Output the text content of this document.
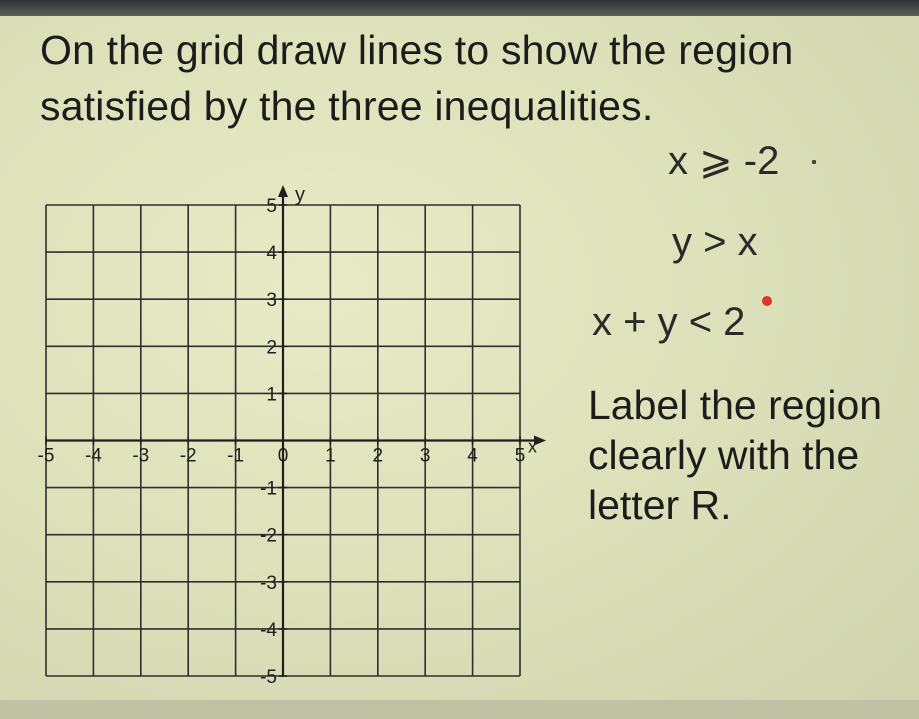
On the grid draw lines to show the region satisfied by the three inequalities.

x ⩾ -2
y > x
x + y < 2
Label the region clearly with the letter R.
y
x
-5 -4 -3 -2 -1 0 1 2 3 4 5
5
4
3
2
1
-1
-2
-3
-4
-5
